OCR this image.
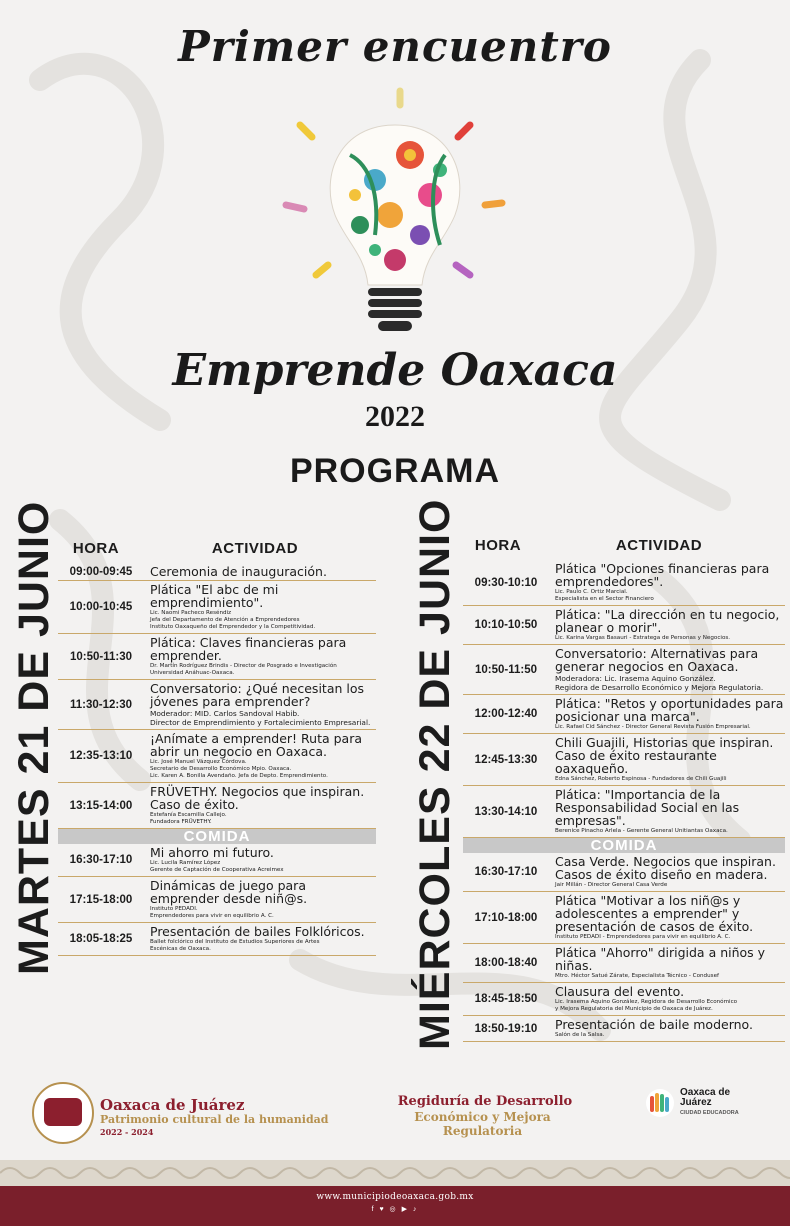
Primer encuentro
Emprende Oaxaca
2022
PROGRAMA
MARTES 21 DE JUNIO	MIÉRCOLES 22 DE JUNIO
HORA	ACTIVIDAD
09:00-09:45	Ceremonia de inauguración.
10:00-10:45
Plática "El abc de mi emprendimiento".
Lic. Naomi Pacheco Reséndiz
Jefa del Departamento de Atención a Emprendedores
Instituto Oaxaqueño del Emprendedor y la Competitividad.
10:50-11:30
Plática: Claves financieras para emprender.
Dr. Martín Rodríguez Brindis - Director de Posgrado e Investigación
Universidad Anáhuac-Oaxaca.
11:30-12:30
Conversatorio: ¿Qué necesitan los jóvenes para emprender?
Moderador: MID. Carlos Sandoval Habib.
Director de Emprendimiento y Fortalecimiento Empresarial.
12:35-13:10
¡Anímate a emprender! Ruta para abrir un negocio en Oaxaca.
Lic. José Manuel Vázquez Córdova.
Secretario de Desarrollo Económico Mpio. Oaxaca.
Lic. Karen A. Bonilla Avendaño. Jefa de Depto. Emprendimiento.
13:15-14:00
FRÜVETHY. Negocios que inspiran. Caso de éxito.
Estefanía Escamilla Callejo.
Fundadora FRÜVETHY.
COMIDA
16:30-17:10	Mi ahorro mi futuro.
Lic. Lucila Ramírez López
Gerente de Captación de Cooperativa Acreimex
17:15-18:00
Dinámicas de juego para emprender desde niñ@s.
Instituto PEDADI.
Emprendedores para vivir en equilibrio A. C.
18:05-18:25	Presentación de bailes Folklóricos.
Ballet folclórico del Instituto de Estudios Superiores de Artes
Escénicas de Oaxaca.
HORA	ACTIVIDAD
09:30-10:10
Plática "Opciones financieras para emprendedores".
Lic. Paulo C. Ortiz Marcial.
Especialista en el Sector Financiero
10:10-10:50
Plática: "La dirección en tu negocio, planear o morir".
Lic. Karina Vargas Basauri - Estratega de Personas y Negocios.
10:50-11:50
Conversatorio: Alternativas para generar negocios en Oaxaca.
Moderadora: Lic. Irasema Aquino González.
Regidora de Desarrollo Económico y Mejora Regulatoria.
12:00-12:40
Plática: "Retos y oportunidades para posicionar una marca".
Lic. Rafael Cid Sánchez - Director General Revista Fusión Empresarial.
12:45-13:30
Chili Guajili, Historias que inspiran. Caso de éxito restaurante oaxaqueño.
Edna Sánchez, Roberto Espinosa - Fundadores de Chili Guajili
13:30-14:10
Plática: "Importancia de la Responsabilidad Social en las empresas".
Berenice Pinacho Arlela - Gerente General Unitiantas Oaxaca.
COMIDA
16:30-17:10
Casa Verde. Negocios que inspiran. Casos de éxito diseño en madera.
Jair Millán - Director General Casa Verde
17:10-18:00
Plática "Motivar a los niñ@s y adolescentes a emprender" y presentación de casos de éxito.
Instituto PEDADI - Emprendedores para vivir en equilibrio A. C.
18:00-18:40
Plática "Ahorro" dirigida a niños y niñas.
Mtro. Héctor Satué Zárate, Especialista Técnico - Condusef
18:45-18:50	Clausura del evento.
Lic. Irasema Aquino González, Regidora de Desarrollo Económico
y Mejora Regulatoria del Municipio de Oaxaca de Juárez.
18:50-19:10	Presentación de baile moderno.
Salón de la Salsa.
Oaxaca de Juárez
Patrimonio cultural de la humanidad
2022 - 2024
Regiduría de Desarrollo
Económico y Mejora Regulatoria
Oaxaca de Juárez
CIUDAD EDUCADORA
www.municipiodeoaxaca.gob.mx
f ♥ ◎ ▶ ♪
